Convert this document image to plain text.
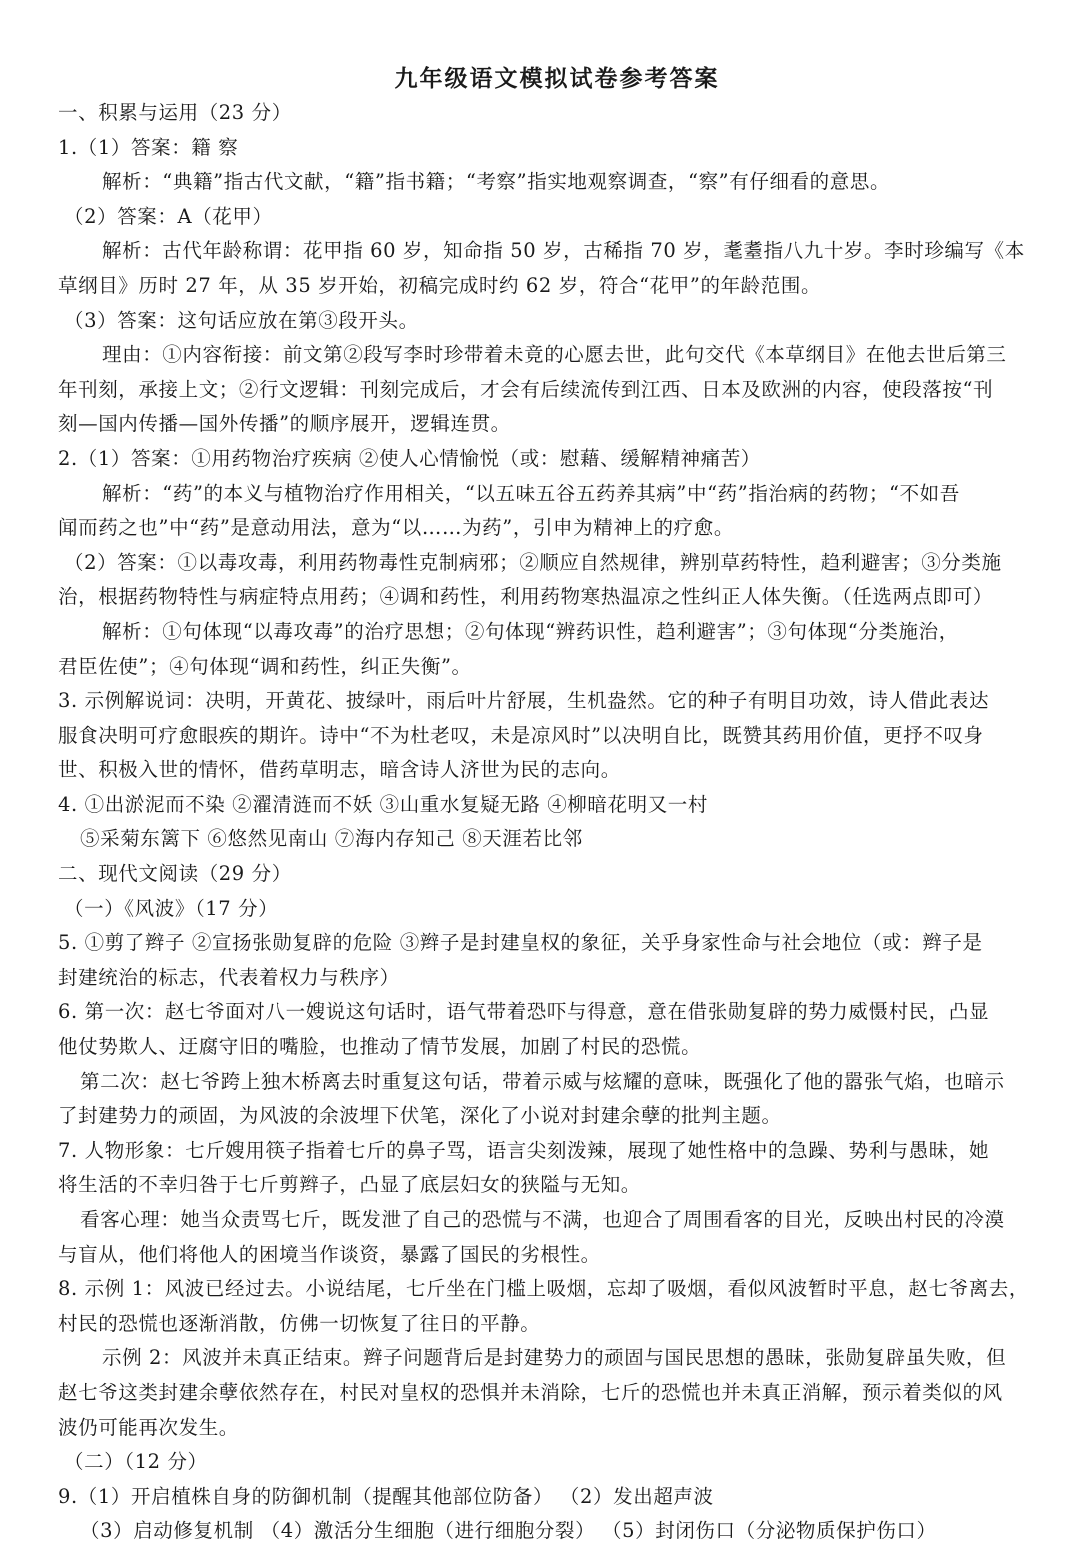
九年级语文模拟试卷参考答案
一、积累与运用（23 分）
1.（1）答案：籍 察
解析：“典籍”指古代文献，“籍”指书籍；“考察”指实地观察调查，“察”有仔细看的意思。
（2）答案：A（花甲）
解析：古代年龄称谓：花甲指 60 岁，知命指 50 岁，古稀指 70 岁，耄耋指八九十岁。李时珍编写《本
草纲目》历时 27 年，从 35 岁开始，初稿完成时约 62 岁，符合“花甲”的年龄范围。
（3）答案：这句话应放在第③段开头。
理由：①内容衔接：前文第②段写李时珍带着未竟的心愿去世，此句交代《本草纲目》在他去世后第三
年刊刻，承接上文；②行文逻辑：刊刻完成后，才会有后续流传到江西、日本及欧洲的内容，使段落按“刊
刻—国内传播—国外传播”的顺序展开，逻辑连贯。
2.（1）答案：①用药物治疗疾病 ②使人心情愉悦（或：慰藉、缓解精神痛苦）
解析：“药”的本义与植物治疗作用相关，“以五味五谷五药养其病”中“药”指治病的药物；“不如吾
闻而药之也”中“药”是意动用法，意为“以……为药”，引申为精神上的疗愈。
（2）答案：①以毒攻毒，利用药物毒性克制病邪；②顺应自然规律，辨别草药特性，趋利避害；③分类施
治，根据药物特性与病症特点用药；④调和药性，利用药物寒热温凉之性纠正人体失衡。（任选两点即可）
解析：①句体现“以毒攻毒”的治疗思想；②句体现“辨药识性，趋利避害”；③句体现“分类施治，
君臣佐使”；④句体现“调和药性，纠正失衡”。
3. 示例解说词：决明，开黄花、披绿叶，雨后叶片舒展，生机盎然。它的种子有明目功效，诗人借此表达
服食决明可疗愈眼疾的期许。诗中“不为杜老叹，未是凉风时”以决明自比，既赞其药用价值，更抒不叹身
世、积极入世的情怀，借药草明志，暗含诗人济世为民的志向。
4. ①出淤泥而不染 ②濯清涟而不妖 ③山重水复疑无路 ④柳暗花明又一村
⑤采菊东篱下 ⑥悠然见南山 ⑦海内存知己 ⑧天涯若比邻
二、现代文阅读（29 分）
（一）《风波》（17 分）
5. ①剪了辫子 ②宣扬张勋复辟的危险 ③辫子是封建皇权的象征，关乎身家性命与社会地位（或：辫子是
封建统治的标志，代表着权力与秩序）
6. 第一次：赵七爷面对八一嫂说这句话时，语气带着恐吓与得意，意在借张勋复辟的势力威慑村民，凸显
他仗势欺人、迂腐守旧的嘴脸，也推动了情节发展，加剧了村民的恐慌。
第二次：赵七爷跨上独木桥离去时重复这句话，带着示威与炫耀的意味，既强化了他的嚣张气焰，也暗示
了封建势力的顽固，为风波的余波埋下伏笔，深化了小说对封建余孽的批判主题。
7. 人物形象：七斤嫂用筷子指着七斤的鼻子骂，语言尖刻泼辣，展现了她性格中的急躁、势利与愚昧，她
将生活的不幸归咎于七斤剪辫子，凸显了底层妇女的狭隘与无知。
看客心理：她当众责骂七斤，既发泄了自己的恐慌与不满，也迎合了周围看客的目光，反映出村民的冷漠
与盲从，他们将他人的困境当作谈资，暴露了国民的劣根性。
8. 示例 1：风波已经过去。小说结尾，七斤坐在门槛上吸烟，忘却了吸烟，看似风波暂时平息，赵七爷离去，
村民的恐慌也逐渐消散，仿佛一切恢复了往日的平静。
示例 2：风波并未真正结束。辫子问题背后是封建势力的顽固与国民思想的愚昧，张勋复辟虽失败，但
赵七爷这类封建余孽依然存在，村民对皇权的恐惧并未消除，七斤的恐慌也并未真正消解，预示着类似的风
波仍可能再次发生。
（二）（12 分）
9.（1）开启植株自身的防御机制（提醒其他部位防备） （2）发出超声波
（3）启动修复机制 （4）激活分生细胞（进行细胞分裂） （5）封闭伤口（分泌物质保护伤口）
